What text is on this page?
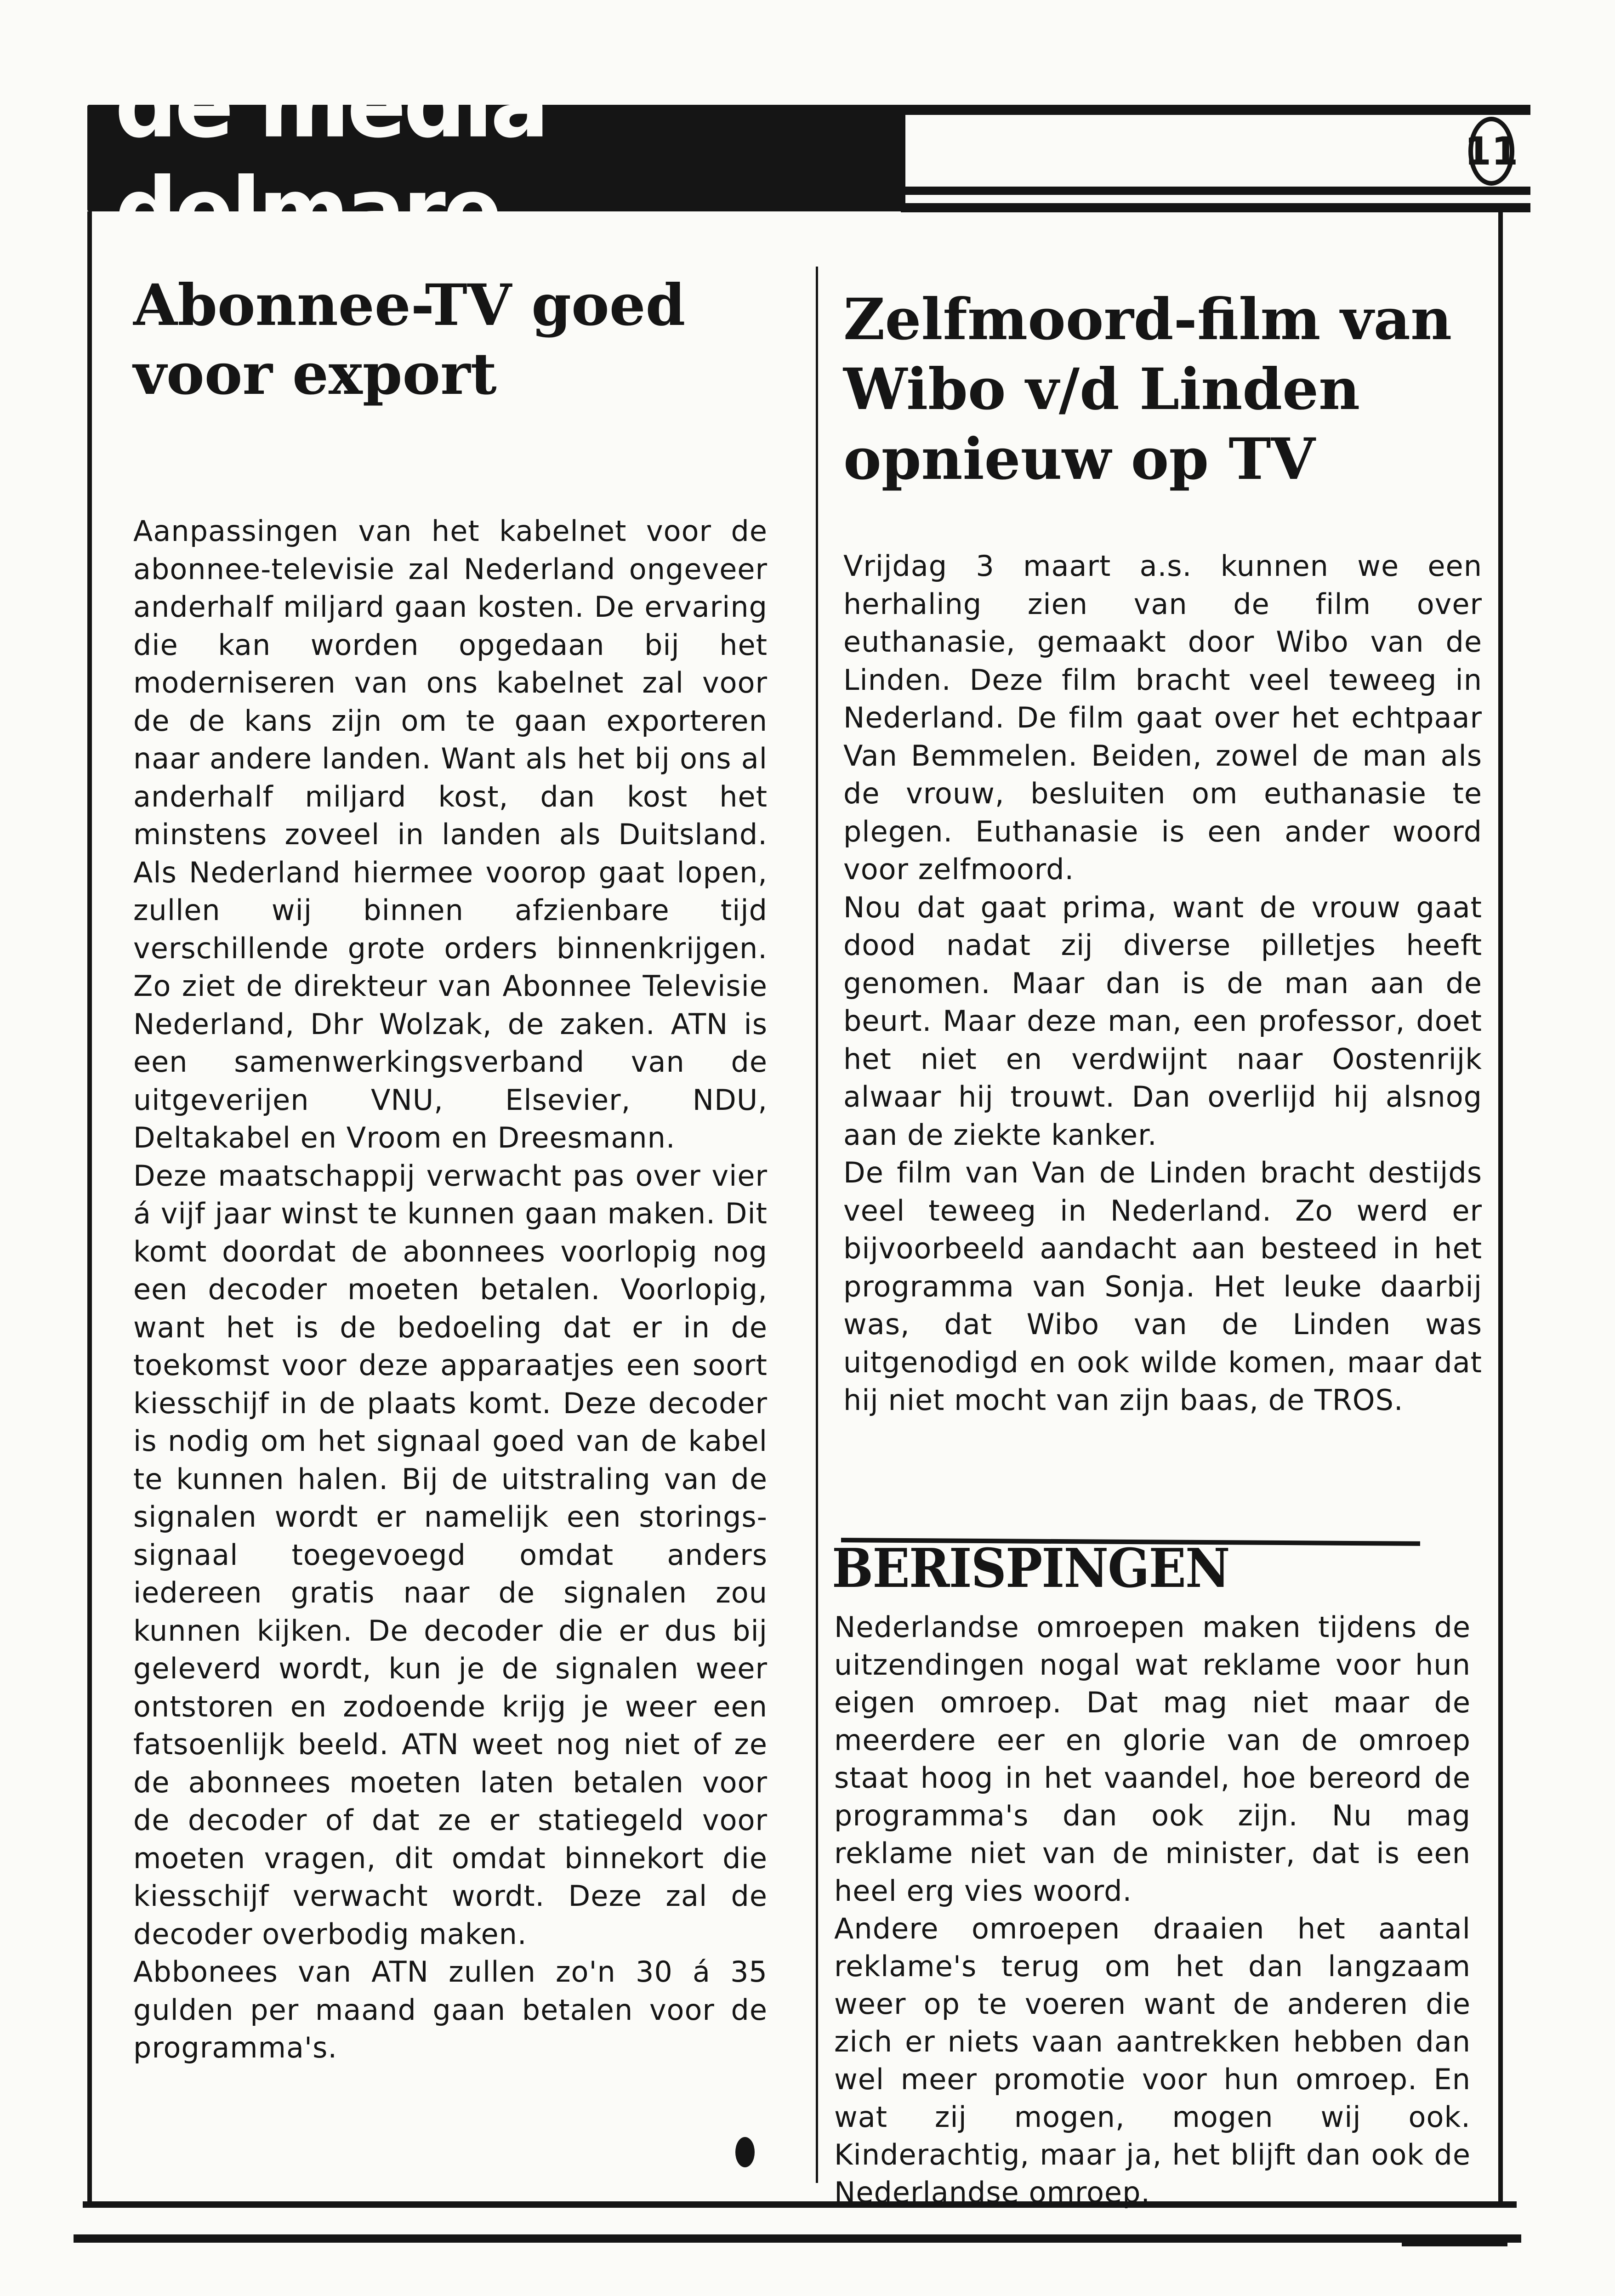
de media delmare
11
Abonnee-TV goed voor export

Aanpassingen van het kabelnet voor de abonnee-televisie zal Nederland ongeveer anderhalf miljard gaan kosten. De ervaring die kan worden opgedaan bij het moderniseren van ons kabelnet zal voor de de kans zijn om te gaan exporteren naar andere landen. Want als het bij ons al anderhalf miljard kost, dan kost het minstens zoveel in landen als Duitsland. Als Nederland hiermee voorop gaat lopen, zullen wij binnen afzienbare tijd verschillende grote orders binnenkrijgen. Zo ziet de direkteur van Abonnee Televisie Nederland, Dhr Wolzak, de zaken. ATN is een samenwerkingsverband van de uitgeverijen VNU, Elsevier, NDU, Deltakabel en Vroom en Dreesmann.
Deze maatschappij verwacht pas over vier á vijf jaar winst te kunnen gaan maken. Dit komt doordat de abonnees voorlopig nog een decoder moeten betalen. Voorlopig, want het is de bedoeling dat er in de toekomst voor deze apparaatjes een soort kiesschijf in de plaats komt. Deze decoder is nodig om het signaal goed van de kabel te kunnen halen. Bij de uitstraling van de signalen wordt er namelijk een storings-signaal toegevoegd omdat anders iedereen gratis naar de signalen zou kunnen kijken. De decoder die er dus bij geleverd wordt, kun je de signalen weer ontstoren en zodoende krijg je weer een fatsoenlijk beeld. ATN weet nog niet of ze de abonnees moeten laten betalen voor de decoder of dat ze er statiegeld voor moeten vragen, dit omdat binnekort die kiesschijf verwacht wordt. Deze zal de decoder overbodig maken.
Abbonees van ATN zullen zo'n 30 á 35 gulden per maand gaan betalen voor de programma's.

Zelfmoord-film van Wibo v/d Linden opnieuw op TV

Vrijdag 3 maart a.s. kunnen we een herhaling zien van de film over euthanasie, gemaakt door Wibo van de Linden. Deze film bracht veel teweeg in Nederland. De film gaat over het echtpaar Van Bemmelen. Beiden, zowel de man als de vrouw, besluiten om euthanasie te plegen. Euthanasie is een ander woord voor zelfmoord.
Nou dat gaat prima, want de vrouw gaat dood nadat zij diverse pilletjes heeft genomen. Maar dan is de man aan de beurt. Maar deze man, een professor, doet het niet en verdwijnt naar Oostenrijk alwaar hij trouwt. Dan overlijd hij alsnog aan de ziekte kanker.
De film van Van de Linden bracht destijds veel teweeg in Nederland. Zo werd er bijvoorbeeld aandacht aan besteed in het programma van Sonja. Het leuke daarbij was, dat Wibo van de Linden was uitgenodigd en ook wilde komen, maar dat hij niet mocht van zijn baas, de TROS.

BERISPINGEN

Nederlandse omroepen maken tijdens de uitzendingen nogal wat reklame voor hun eigen omroep. Dat mag niet maar de meerdere eer en glorie van de omroep staat hoog in het vaandel, hoe bereord de programma's dan ook zijn. Nu mag reklame niet van de minister, dat is een heel erg vies woord.
Andere omroepen draaien het aantal reklame's terug om het dan langzaam weer op te voeren want de anderen die zich er niets vaan aantrekken hebben dan wel meer promotie voor hun omroep. En wat zij mogen, mogen wij ook. Kinderachtig, maar ja, het blijft dan ook de Nederlandse omroep.
